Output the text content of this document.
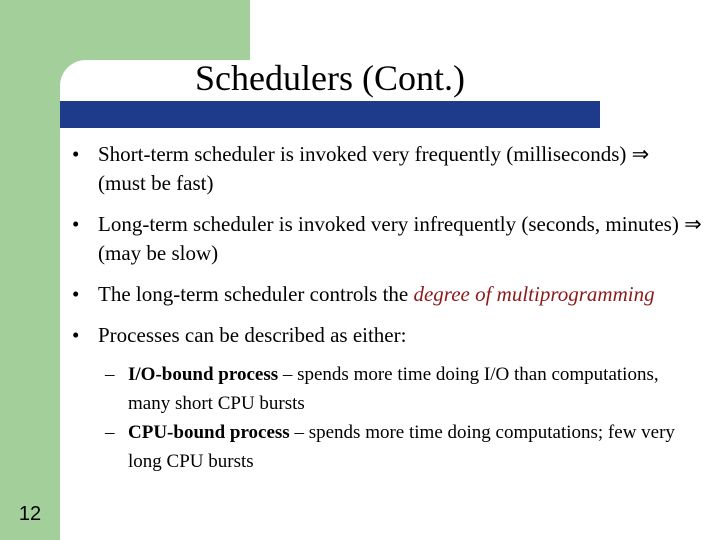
Schedulers (Cont.)
• Short-term scheduler is invoked very frequently (milliseconds) ⇒ (must be fast)
• Long-term scheduler is invoked very infrequently (seconds, minutes) ⇒ (may be slow)
• The long-term scheduler controls the degree of multiprogramming
• Processes can be described as either:
– I/O-bound process – spends more time doing I/O than computations, many short CPU bursts
– CPU-bound process – spends more time doing computations; few very long CPU bursts
12
